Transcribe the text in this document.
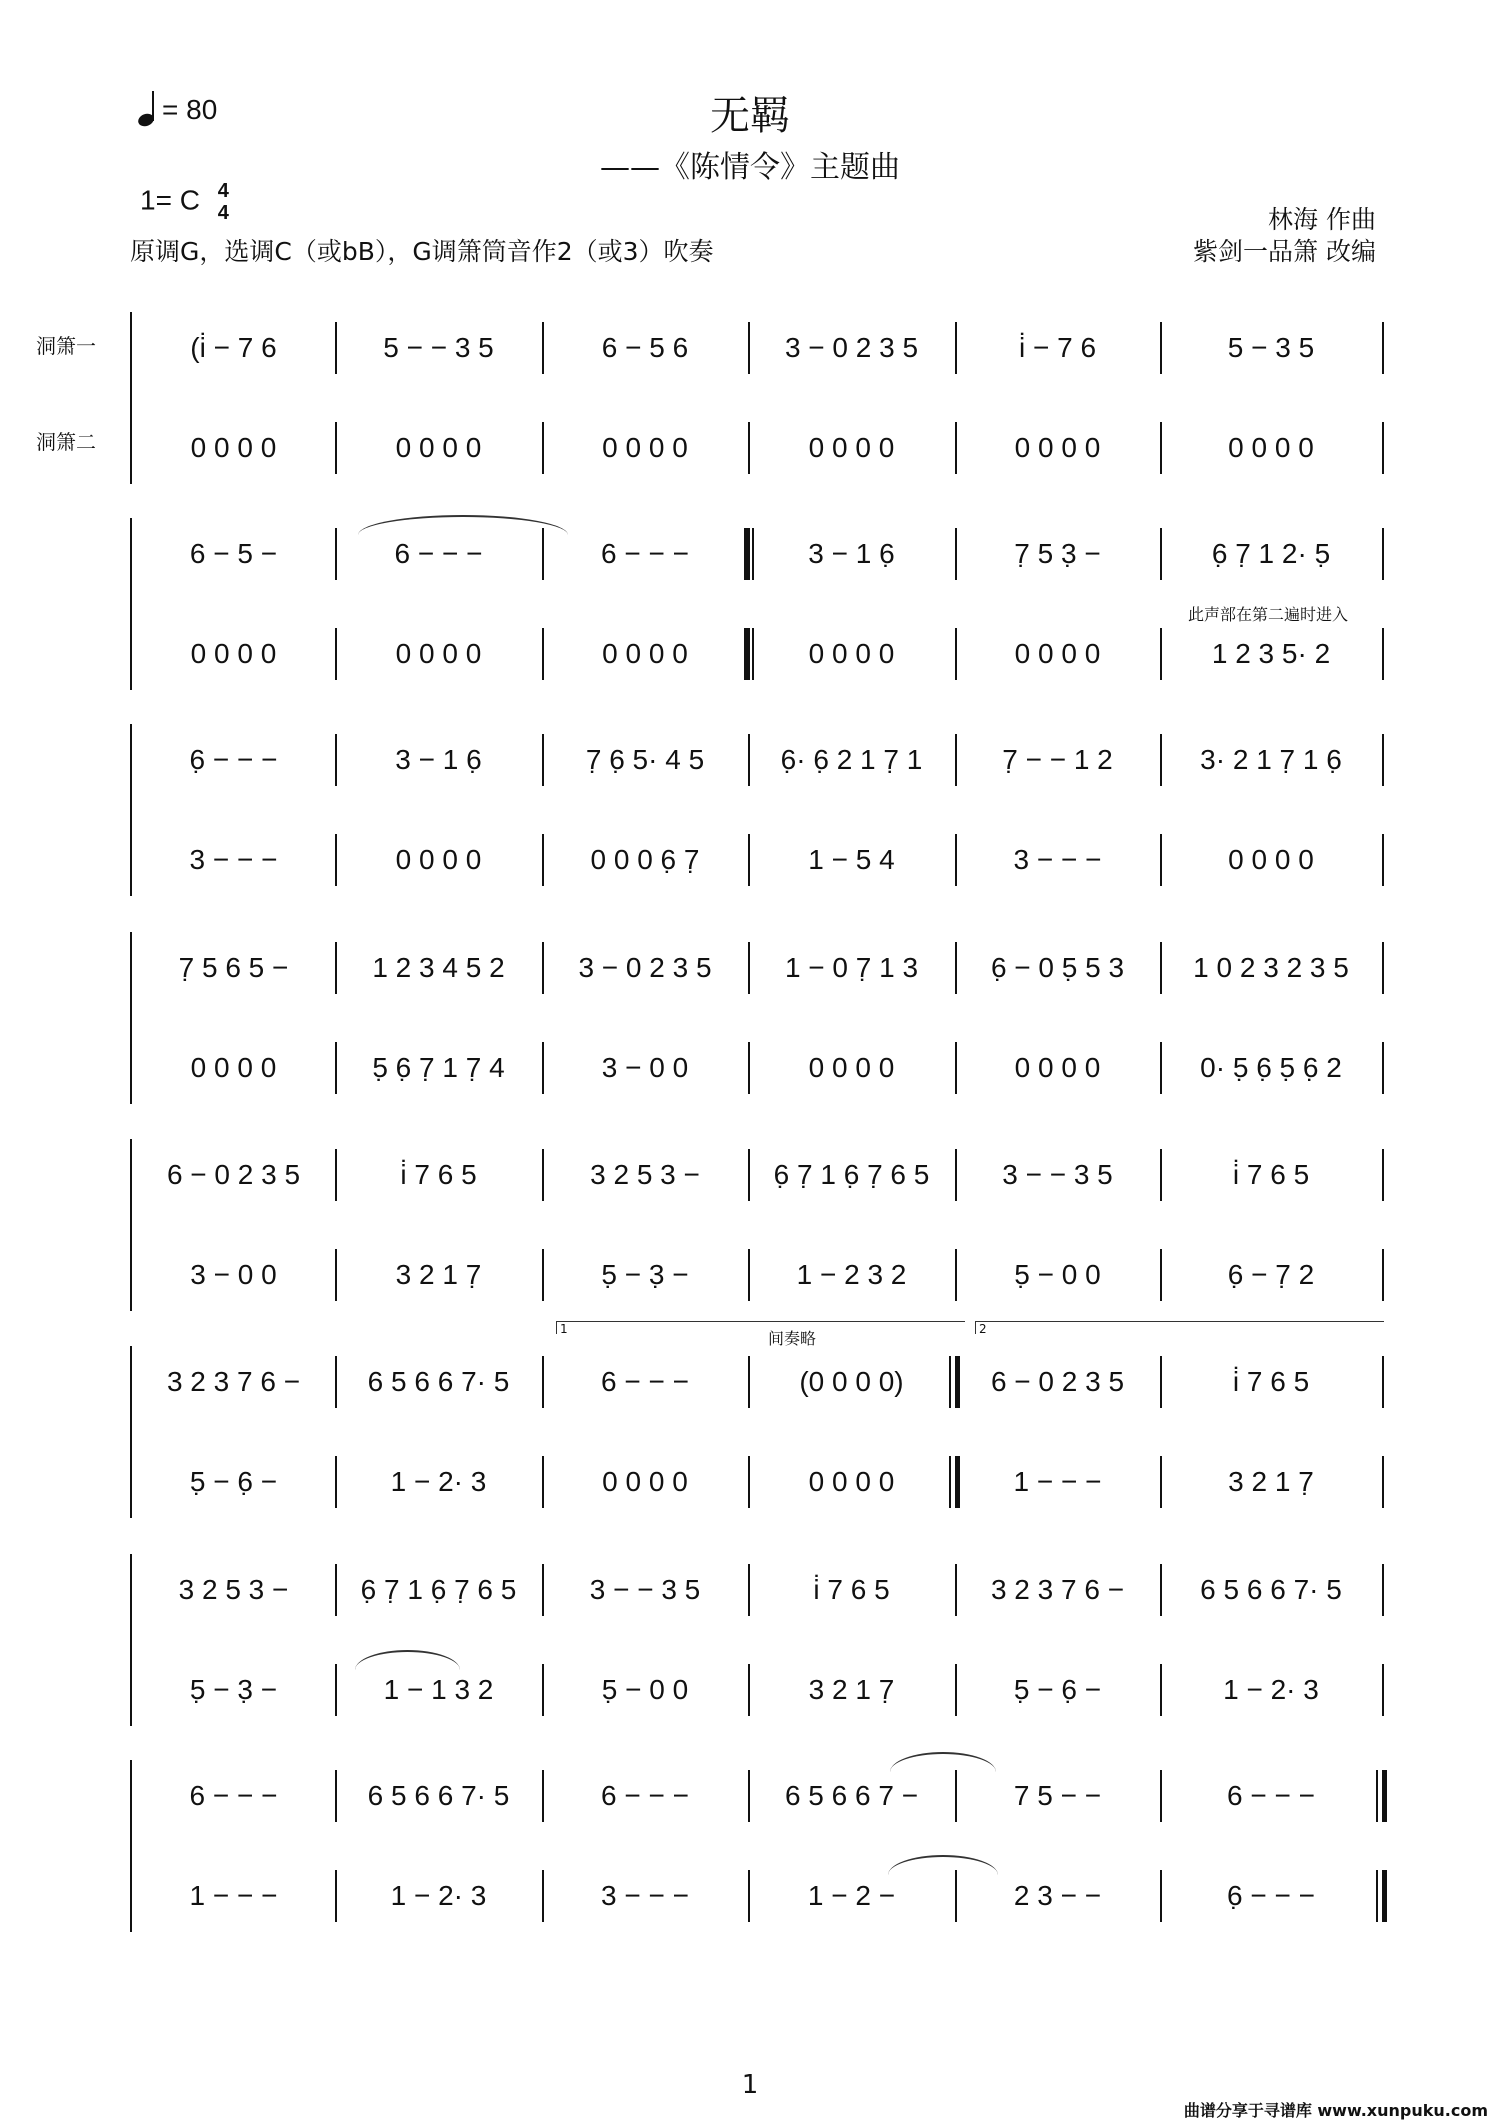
无羁
——《陈情令》主题曲
= 80
1= C 4
4
原调G，选调C（或bB），G调箫筒音作2（或3）吹奏
林海 作曲
紫剑一品箫 改编
洞箫一
洞箫二
(i̇ − 7 6	5 − − 3 5	6 − 5 6	3 − 0 2 3 5	i̇ − 7 6	5 − 3 5
0 0 0 0	0 0 0 0	0 0 0 0	0 0 0 0	0 0 0 0	0 0 0 0
6 − 5 −	6 − − −	6 − − −	3 − 1 6̣	7̣ 5 3̣ −	6̣ 7̣ 1 2· 5̣
0 0 0 0	0 0 0 0	0 0 0 0	0 0 0 0	0 0 0 0	1 2 3 5· 2
6̣ − − −	3 − 1 6̣	7̣ 6̣ 5· 4 5	6̣· 6̣ 2 1 7̣ 1	7̣ − − 1 2	3· 2 1 7̣ 1 6̣
3 − − −	0 0 0 0	0 0 0 6̣ 7̣	1 − 5 4	3 − − −	0 0 0 0
7̣ 5 6 5 −	1 2 3 4 5 2	3 − 0 2 3 5	1 − 0 7̣ 1 3	6̣ − 0 5̣ 5 3	1 0 2 3 2 3 5
0 0 0 0	5̣ 6̣ 7̣ 1 7̣ 4	3 − 0 0	0 0 0 0	0 0 0 0	0· 5̣ 6̣ 5̣ 6̣ 2
6 − 0 2 3 5	i̇ 7 6 5	3 2 5 3 −	6̣ 7̣ 1 6̣ 7̣ 6 5	3 − − 3 5	i̇ 7 6 5
3 − 0 0	3 2 1 7̣	5̣ − 3̣ −	1 − 2 3 2	5̣ − 0 0	6̣ − 7̣ 2
3 2 3 7 6 −	6 5 6 6 7· 5	6 − − −	(0 0 0 0)	6 − 0 2 3 5	i̇ 7 6 5
5̣ − 6̣ −	1 − 2· 3	0 0 0 0	0 0 0 0	1 − − −	3 2 1 7̣
3 2 5 3 −	6̣ 7̣ 1 6̣ 7̣ 6 5	3 − − 3 5	i̇ 7 6 5	3 2 3 7 6 −	6 5 6 6 7· 5
5̣ − 3̣ −	1 − 1 3 2	5̣ − 0 0	3 2 1 7̣	5̣ − 6̣ −	1 − 2· 3
6 − − −	6 5 6 6 7· 5	6 − − −	6 5 6 6 7 −	7 5 − −	6 − − −
1 − − −	1 − 2· 3	3 − − −	1 − 2 −	2 3 − −	6̣ − − −
此声部在第二遍时进入
1	间奏略	2
1
曲谱分享于寻谱库 www.xunpuku.com
